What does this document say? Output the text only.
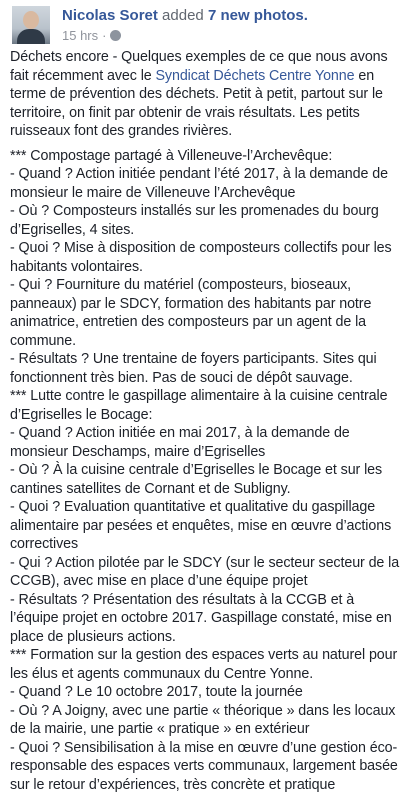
Nicolas Soret added 7 new photos.
15 hrs ·

Déchets encore - Quelques exemples de ce que nous avons fait récemment avec le Syndicat Déchets Centre Yonne en terme de prévention des déchets. Petit à petit, partout sur le territoire, on finit par obtenir de vrais résultats. Les petits ruisseaux font des grandes rivières.

*** Compostage partagé à Villeneuve-l’Archevêque:

- Quand ? Action initiée pendant l’été 2017, à la demande de monsieur le maire de Villeneuve l’Archevêque

- Où ? Composteurs installés sur les promenades du bourg d’Egriselles, 4 sites.

- Quoi ? Mise à disposition de composteurs collectifs pour les habitants volontaires.

- Qui ? Fourniture du matériel (composteurs, bioseaux, panneaux) par le SDCY, formation des habitants par notre animatrice, entretien des composteurs par un agent de la commune.

- Résultats ? Une trentaine de foyers participants. Sites qui fonctionnent très bien. Pas de souci de dépôt sauvage.

*** Lutte contre le gaspillage alimentaire à la cuisine centrale d’Egriselles le Bocage:

- Quand ? Action initiée en mai 2017, à la demande de monsieur Deschamps, maire d’Egriselles

- Où ? À la cuisine centrale d’Egriselles le Bocage et sur les cantines satellites de Cornant et de Subligny.

- Quoi ? Evaluation quantitative et qualitative du gaspillage alimentaire par pesées et enquêtes, mise en œuvre d’actions correctives

- Qui ? Action pilotée par le SDCY (sur le secteur secteur de la CCGB), avec mise en place d’une équipe projet

- Résultats ? Présentation des résultats à la CCGB et à l’équipe projet en octobre 2017. Gaspillage constaté, mise en place de plusieurs actions.

*** Formation sur la gestion des espaces verts au naturel pour les élus et agents communaux du Centre Yonne.

- Quand ? Le 10 octobre 2017, toute la journée

- Où ? A Joigny, avec une partie « théorique » dans les locaux de la mairie, une partie « pratique » en extérieur

- Quoi ? Sensibilisation à la mise en œuvre d’une gestion éco-responsable des espaces verts communaux, largement basée sur le retour d’expériences, très concrète et pratique
